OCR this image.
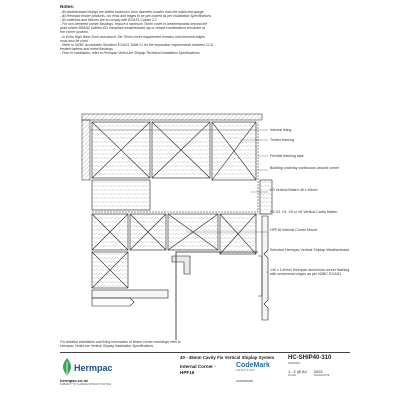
Notes:
- All weatherboard fixings pre-drilled maximum 1mm diameter smaller than the nail/screw gauge
- All Hermpac timber products, cut ends and edges to be pre-coated as per Installation Specifications
- All materials and fixtures are to comply with E2/AS1 Clause 2.2
- For non-hemmed corner flashings; ensure a minimum 75mm cover to weatherboards beyond the
point where BRANZ bulletin 411 compliant weatherboard lap or rebate combinations terminate at
the corner junction.
- In Extra High Wind Zone and above, the 75mm cover requirement remains and hemmed edges
must also be used.
- Refer to NZBC Acceptable Solutions E2/AS1 Table 21 for the separation requirements between CCA
treated battens and metal flashings
- Prior to installation, refer to Hermpac VerticLine Shiplap Technical Installation Specifications.
Internal lining
Timber framing
Flexible flashing tape
Building underlay continuous around corner
H3 Vertical Batten 45 x 45mm
H3 V3, V4, V5 or V6 Vertical Cavity Batten
HPF16 Internal Corner Mould
Selected Hermpac Vertical Shiplap Weatherboard
140 x 140mm Hermpac aluminium corner flashing with unhemmed edges as per NZBC E2/AS1
For detailed installation and fixing information of timber corner mouldings refer to
Hermpac VerticLine Vertical Shiplap Installation Specifications.
Hermpac
hermpac.co.nz
SUBJECT TO CHANGE WITHOUT NOTICE
40 - 45mm Cavity Fix Vertical Shiplap System
Internal Corner -
HPF16
CodeMark
CERTIFIED
CMNZ30036
HC-SHIP40-310
DRAWING
1 : 2 @ A4
SCALE
2022
ISSUED DATE
